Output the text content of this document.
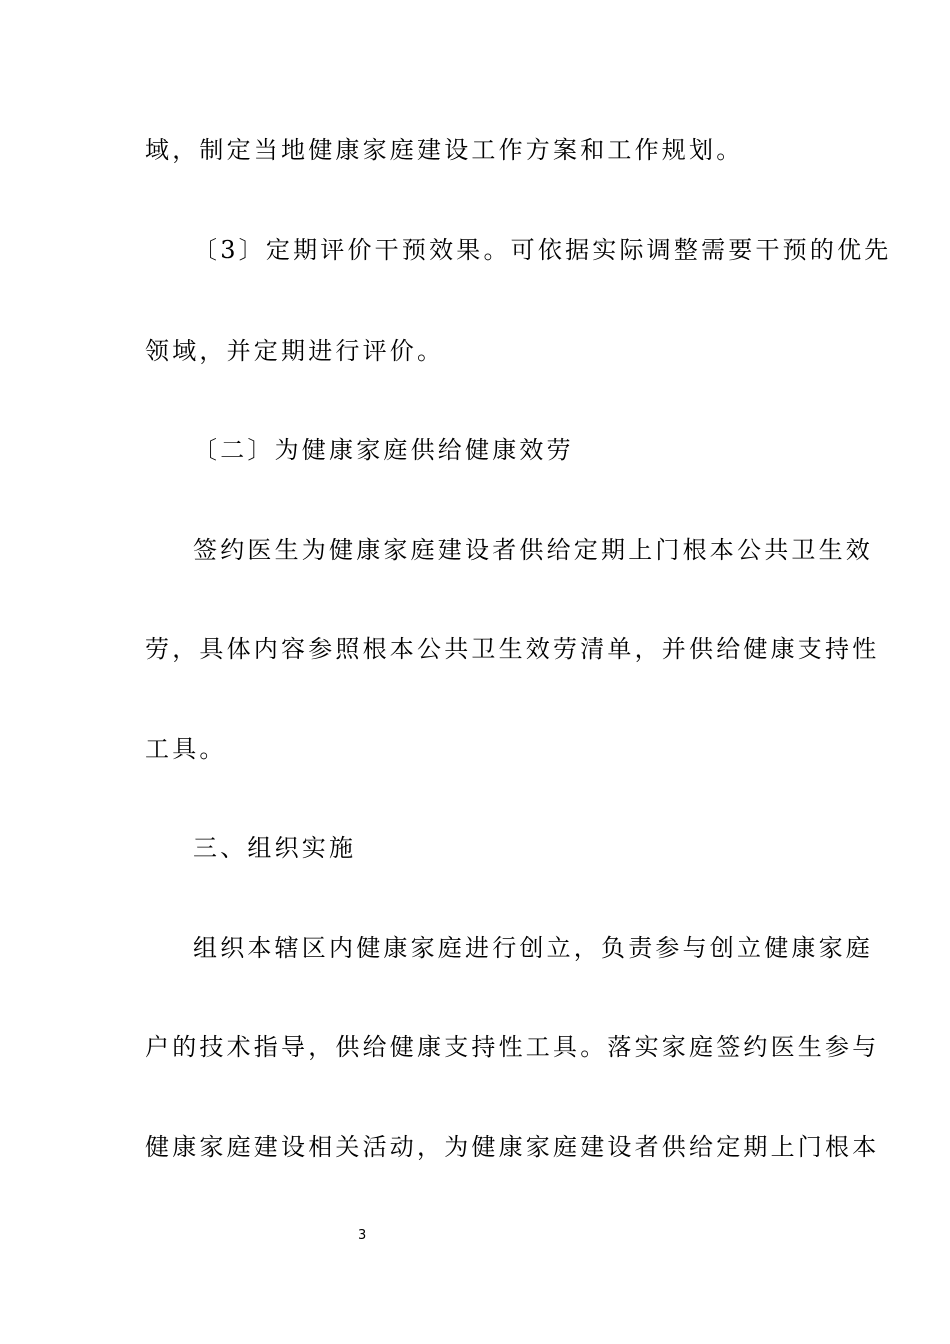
域，制定当地健康家庭建设工作方案和工作规划。
〔3〕定期评价干预效果。可依据实际调整需要干预的优先
领域，并定期进行评价。
〔二〕为健康家庭供给健康效劳
签约医生为健康家庭建设者供给定期上门根本公共卫生效
劳，具体内容参照根本公共卫生效劳清单，并供给健康支持性
工具。
三、组织实施
组织本辖区内健康家庭进行创立，负责参与创立健康家庭
户的技术指导，供给健康支持性工具。落实家庭签约医生参与
健康家庭建设相关活动，为健康家庭建设者供给定期上门根本
3
